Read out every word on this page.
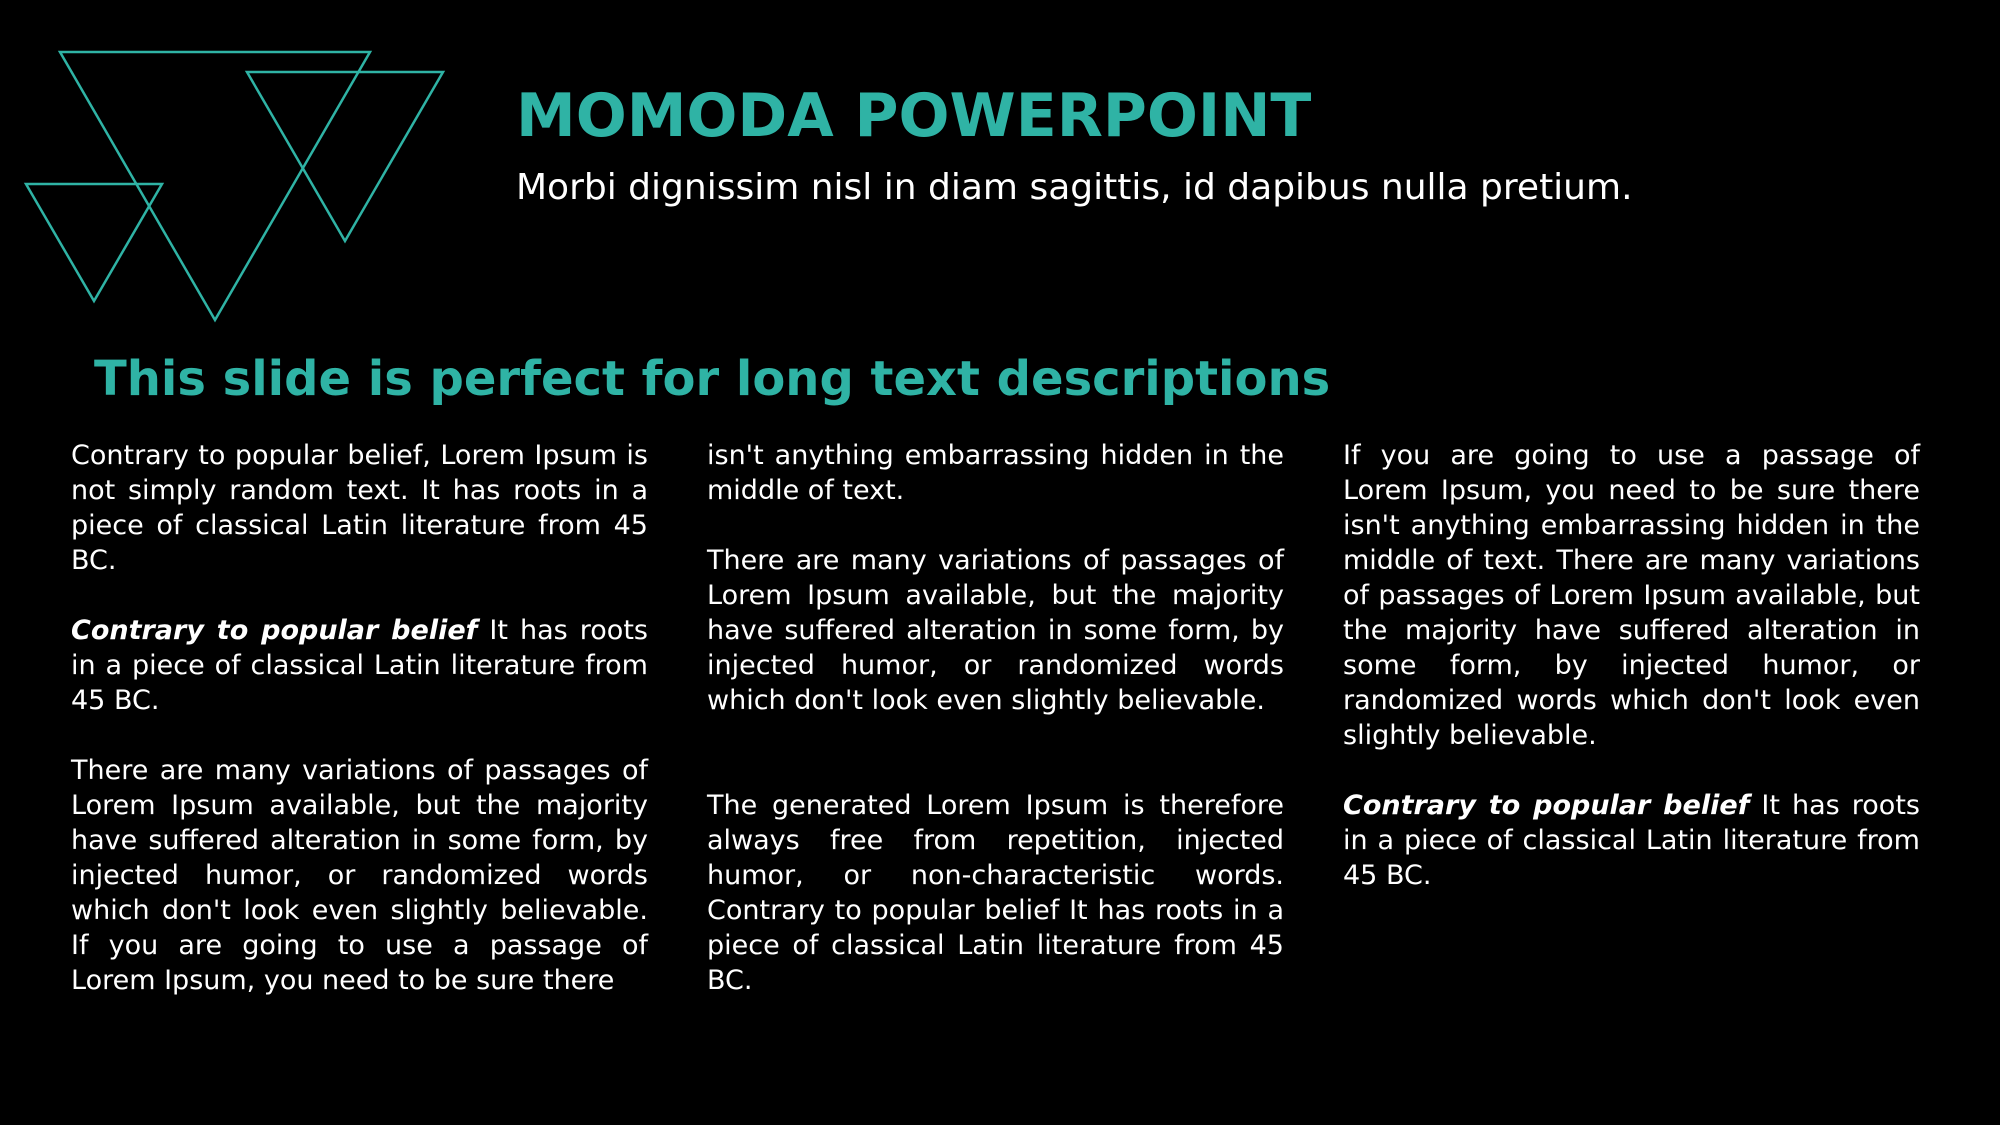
MOMODA POWERPOINT

Morbi dignissim nisl in diam sagittis, id dapibus nulla pretium.

This slide is perfect for long text descriptions

Contrary to popular belief, Lorem Ipsum is not simply random text. It has roots in a piece of classical Latin literature from 45 BC.

Contrary to popular belief It has roots in a piece of classical Latin literature from 45 BC.

There are many variations of passages of Lorem Ipsum available, but the majority have suffered alteration in some form, by injected humor, or randomized words which don't look even slightly believable. If you are going to use a passage of Lorem Ipsum, you need to be sure there

isn't anything embarrassing hidden in the middle of text.

There are many variations of passages of Lorem Ipsum available, but the majority have suffered alteration in some form, by injected humor, or randomized words which don't look even slightly believable.

The generated Lorem Ipsum is therefore always free from repetition, injected humor, or non-characteristic words. Contrary to popular belief It has roots in a piece of classical Latin literature from 45 BC.

If you are going to use a passage of Lorem Ipsum, you need to be sure there isn't anything embarrassing hidden in the middle of text. There are many variations of passages of Lorem Ipsum available, but the majority have suffered alteration in some form, by injected humor, or randomized words which don't look even slightly believable.

Contrary to popular belief It has roots in a piece of classical Latin literature from 45 BC.
